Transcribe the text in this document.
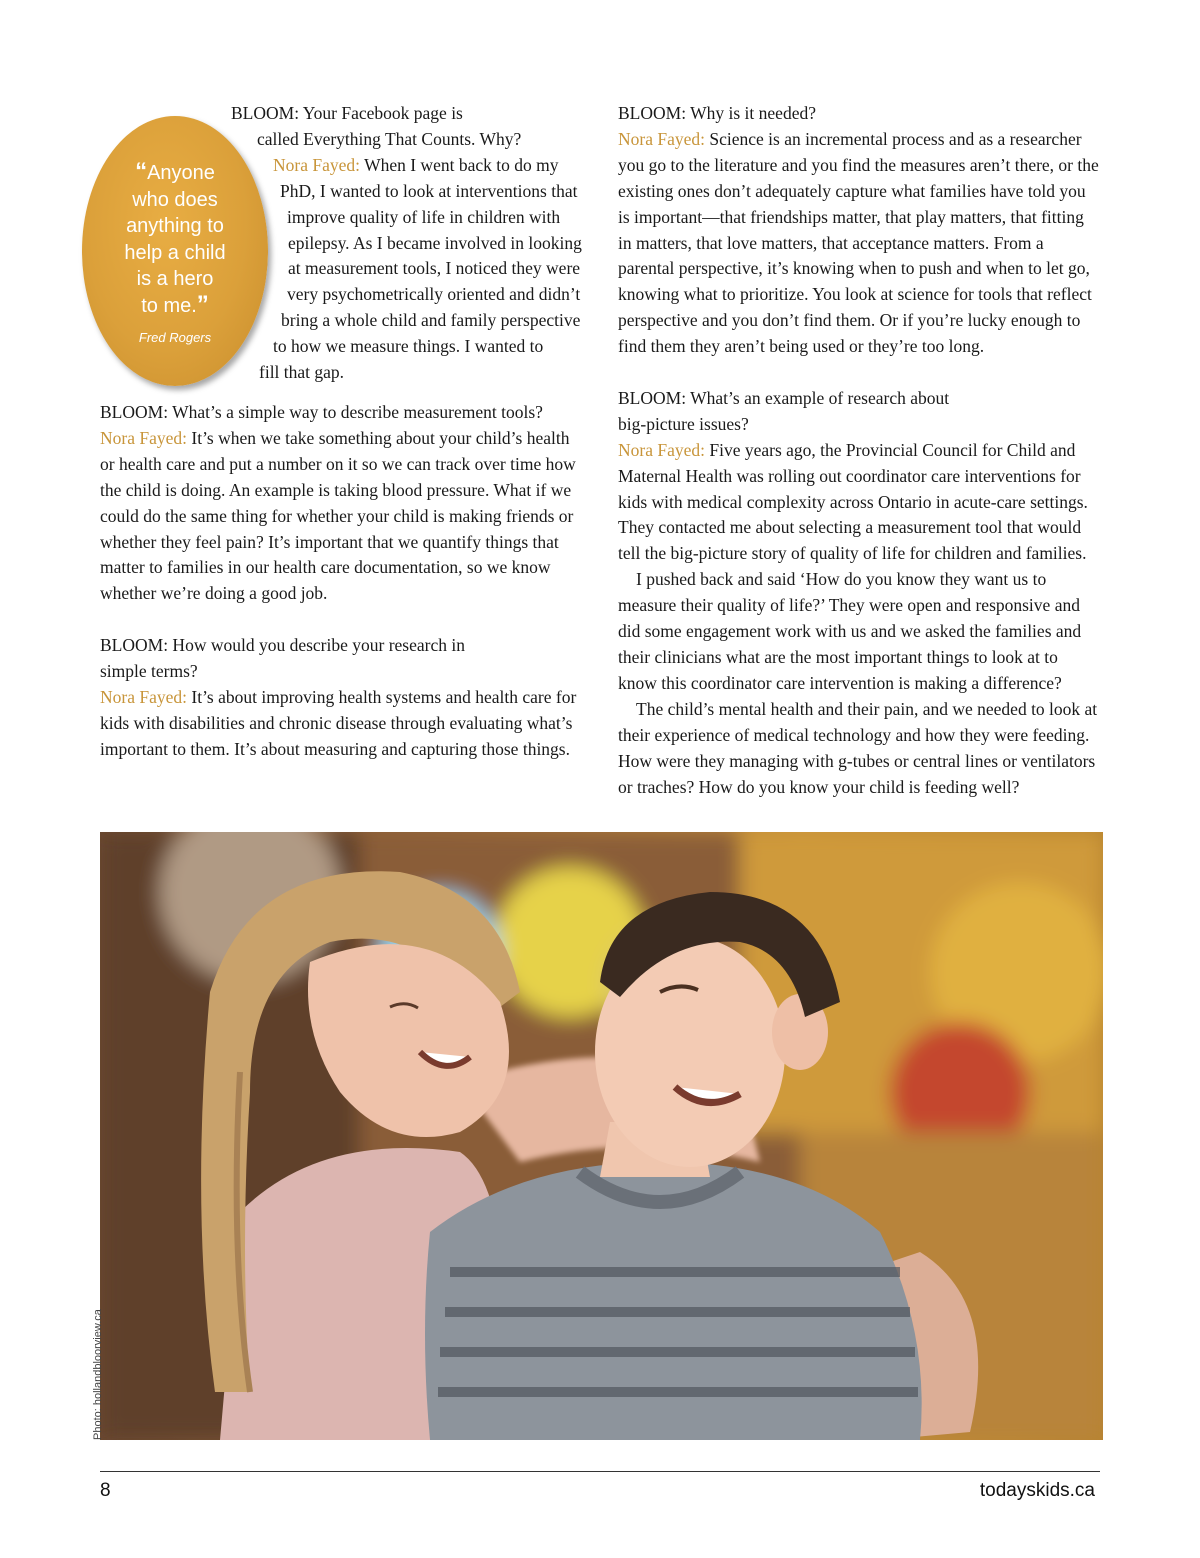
BLOOM: Your Facebook page is
called Everything That Counts. Why?
Nora Fayed: When I went back to do my
PhD, I wanted to look at interventions that
improve quality of life in children with
epilepsy. As I became involved in looking
at measurement tools, I noticed they were
very psychometrically oriented and didn’t
bring a whole child and family perspective
to how we measure things. I wanted to
fill that gap.
“Anyone
who does
anything to
help a child
is a hero
to me.”
Fred Rogers
BLOOM: What’s a simple way to describe measurement tools?
Nora Fayed: It’s when we take something about your child’s health or health care and put a number on it so we can track over time how the child is doing. An example is taking blood pressure. What if we could do the same thing for whether your child is making friends or whether they feel pain? It’s important that we quantify things that matter to families in our health care documentation, so we know whether we’re doing a good job.
BLOOM: How would you describe your research in simple terms?
Nora Fayed: It’s about improving health systems and health care for kids with disabilities and chronic disease through evaluating what’s important to them. It’s about measuring and capturing those things.
BLOOM: Why is it needed?
Nora Fayed: Science is an incremental process and as a researcher you go to the literature and you find the measures aren’t there, or the existing ones don’t adequately capture what families have told you is important—that friendships matter, that play matters, that fitting in matters, that love matters, that acceptance matters. From a parental perspective, it’s knowing when to push and when to let go, knowing what to prioritize. You look at science for tools that reflect perspective and you don’t find them. Or if you’re lucky enough to find them they aren’t being used or they’re too long.
BLOOM: What’s an example of research about big-picture issues?
Nora Fayed: Five years ago, the Provincial Council for Child and Maternal Health was rolling out coordinator care interventions for kids with medical complexity across Ontario in acute-care settings. They contacted me about selecting a measurement tool that would tell the big-picture story of quality of life for children and families.
I pushed back and said ‘How do you know they want us to measure their quality of life?’ They were open and responsive and did some engagement work with us and we asked the families and their clinicians what are the most important things to look at to know this coordinator care intervention is making a difference?
The child’s mental health and their pain, and we needed to look at their experience of medical technology and how they were feeding. How were they managing with g-tubes or central lines or ventilators or traches? How do you know your child is feeding well?
Photo: hollandbloorview.ca
8	todayskids.ca
